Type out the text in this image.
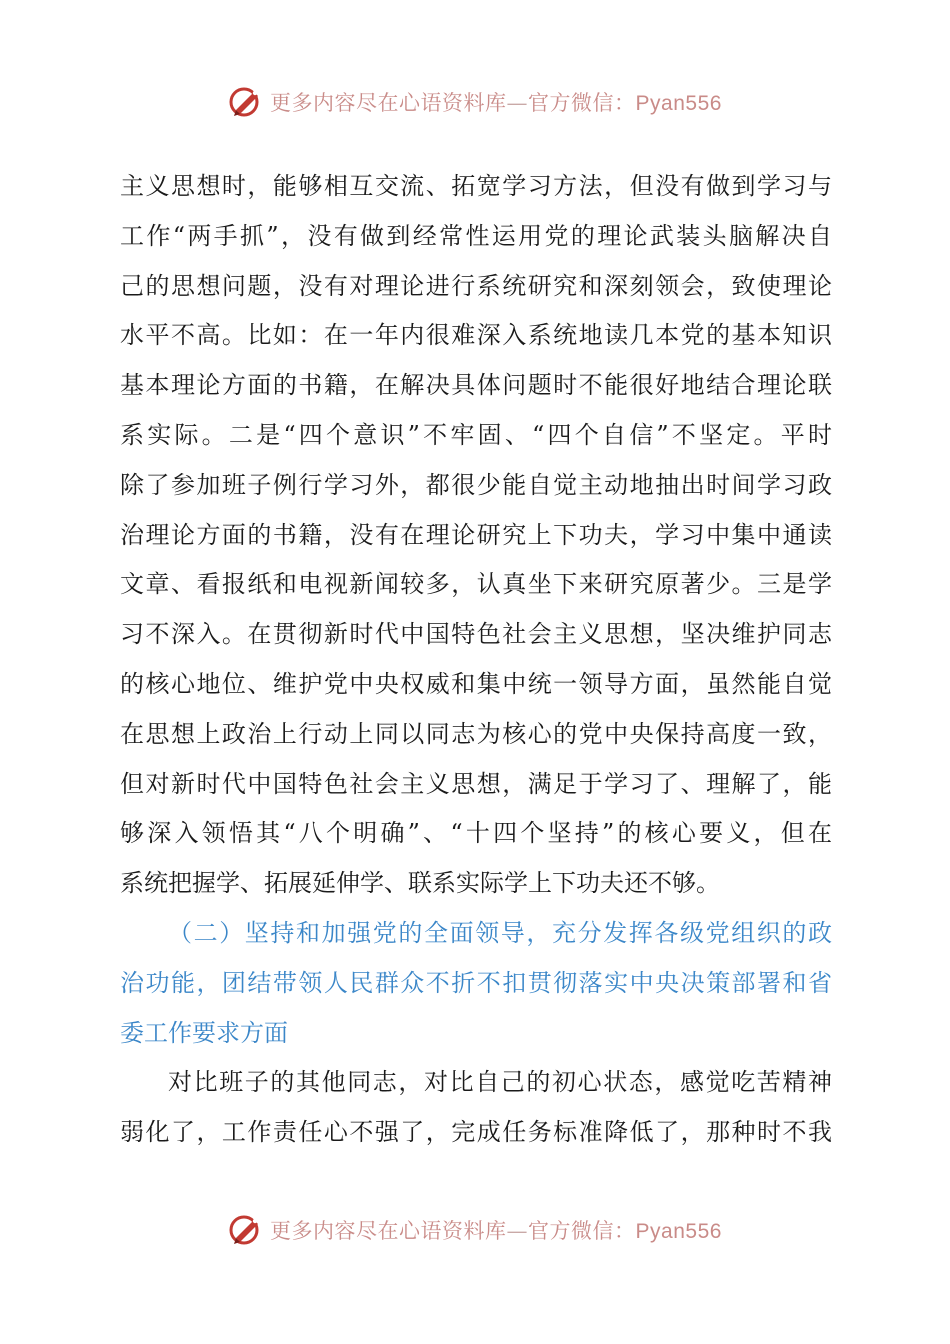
更多内容尽在心语资料库—官方微信：Pyan556
主义思想时，能够相互交流、拓宽学习方法，但没有做到学习与
工作“两手抓”，没有做到经常性运用党的理论武装头脑解决自
己的思想问题，没有对理论进行系统研究和深刻领会，致使理论
水平不高。比如：在一年内很难深入系统地读几本党的基本知识
基本理论方面的书籍，在解决具体问题时不能很好地结合理论联
系实际。二是“四个意识”不牢固、“四个自信”不坚定。平时
除了参加班子例行学习外，都很少能自觉主动地抽出时间学习政
治理论方面的书籍，没有在理论研究上下功夫，学习中集中通读
文章、看报纸和电视新闻较多，认真坐下来研究原著少。三是学
习不深入。在贯彻新时代中国特色社会主义思想，坚决维护同志
的核心地位、维护党中央权威和集中统一领导方面，虽然能自觉
在思想上政治上行动上同以同志为核心的党中央保持高度一致，
但对新时代中国特色社会主义思想，满足于学习了、理解了，能
够深入领悟其“八个明确”、“十四个坚持”的核心要义，但在
系统把握学、拓展延伸学、联系实际学上下功夫还不够。
（二）坚持和加强党的全面领导，充分发挥各级党组织的政
治功能，团结带领人民群众不折不扣贯彻落实中央决策部署和省
委工作要求方面
对比班子的其他同志，对比自己的初心状态，感觉吃苦精神
弱化了，工作责任心不强了，完成任务标准降低了，那种时不我
更多内容尽在心语资料库—官方微信：Pyan556
